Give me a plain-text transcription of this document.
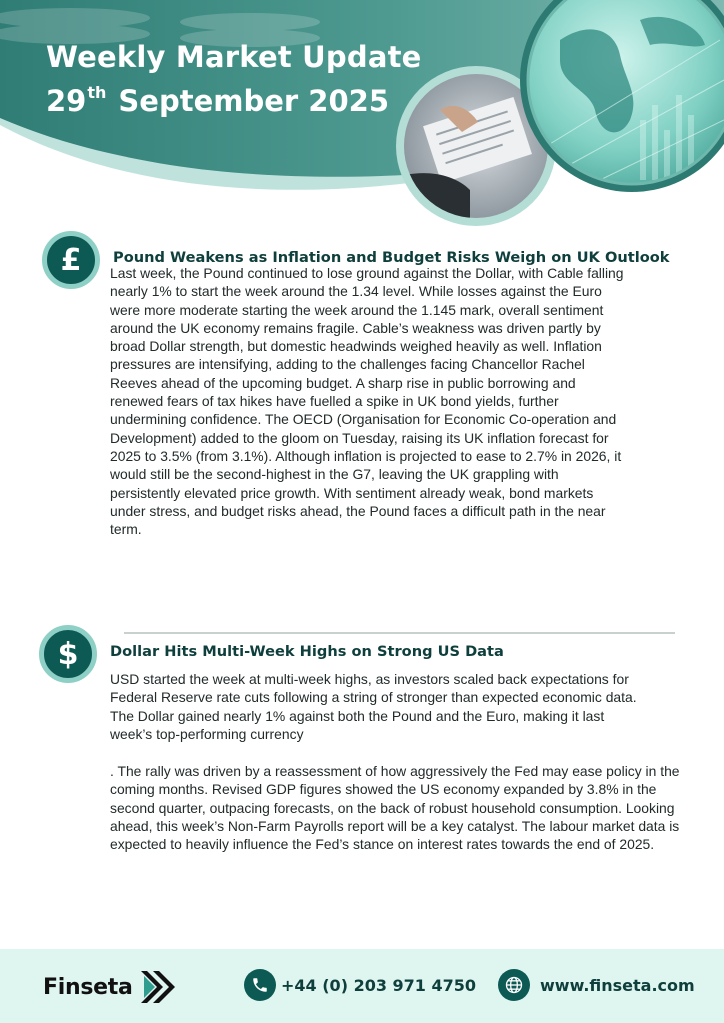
Weekly Market Update
29th September 2025
£ Pound Weakens as Inflation and Budget Risks Weigh on UK Outlook

Last week, the Pound continued to lose ground against the Dollar, with Cable falling nearly 1% to start the week around the 1.34 level. While losses against the Euro were more moderate starting the week around the 1.145 mark, overall sentiment around the UK economy remains fragile. Cable’s weakness was driven partly by broad Dollar strength, but domestic headwinds weighed heavily as well. Inflation pressures are intensifying, adding to the challenges facing Chancellor Rachel Reeves ahead of the upcoming budget. A sharp rise in public borrowing and renewed fears of tax hikes have fuelled a spike in UK bond yields, further undermining confidence. The OECD (Organisation for Economic Co-operation and Development) added to the gloom on Tuesday, raising its UK inflation forecast for 2025 to 3.5% (from 3.1%). Although inflation is projected to ease to 2.7% in 2026, it would still be the second-highest in the G7, leaving the UK grappling with persistently elevated price growth. With sentiment already weak, bond markets under stress, and budget risks ahead, the Pound faces a difficult path in the near term.

$ Dollar Hits Multi-Week Highs on Strong US Data

USD started the week at multi-week highs, as investors scaled back expectations for Federal Reserve rate cuts following a string of stronger than expected economic data. The Dollar gained nearly 1% against both the Pound and the Euro, making it last week’s top-performing currency

. The rally was driven by a reassessment of how aggressively the Fed may ease policy in the coming months. Revised GDP figures showed the US economy expanded by 3.8% in the second quarter, outpacing forecasts, on the back of robust household consumption. Looking ahead, this week’s Non-Farm Payrolls report will be a key catalyst. The labour market data is expected to heavily influence the Fed’s stance on interest rates towards the end of 2025.

Finseta	+44 (0) 203 971 4750	www.finseta.com
